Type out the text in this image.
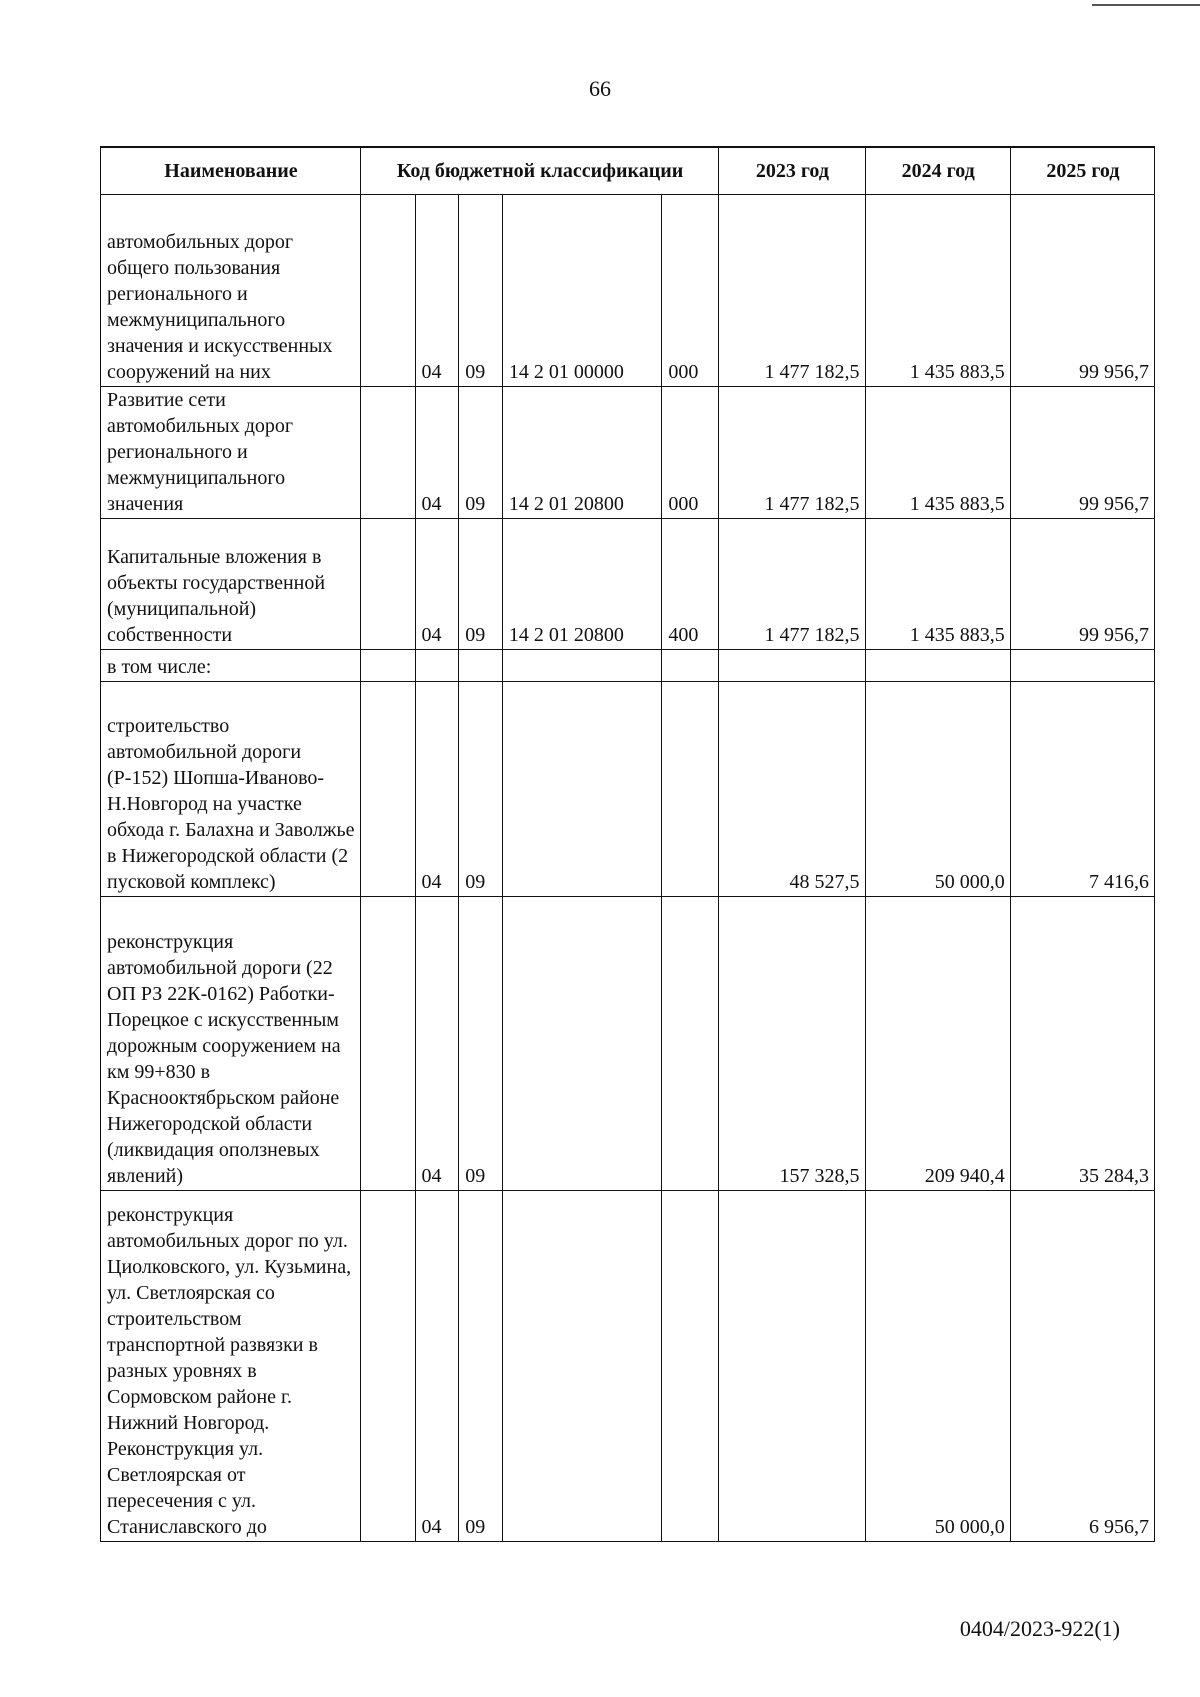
66
Наименование	Код бюджетной классификации					2023 год	2024 год	2025 год
автомобильных дорог общего пользования регионального и межмуниципального значения и искусственных сооружений на них		04	09	14 2 01 00000	000	1 477 182,5	1 435 883,5	99 956,7
Развитие сети автомобильных дорог регионального и межмуниципального значения		04	09	14 2 01 20800	000	1 477 182,5	1 435 883,5	99 956,7
Капитальные вложения в объекты государственной (муниципальной) собственности		04	09	14 2 01 20800	400	1 477 182,5	1 435 883,5	99 956,7
в том числе:								
строительство автомобильной дороги (Р-152) Шопша-Иваново-Н.Новгород на участке обхода г. Балахна и Заволжье в Нижегородской области (2 пусковой комплекс)		04	09			48 527,5	50 000,0	7 416,6
реконструкция автомобильной дороги (22 ОП РЗ 22К-0162) Работки-Порецкое с искусственным дорожным сооружением на км 99+830 в Краснооктябрьском районе Нижегородской области (ликвидация оползневых явлений)		04	09			157 328,5	209 940,4	35 284,3
реконструкция автомобильных дорог по ул. Циолковского, ул. Кузьмина, ул. Светлоярская со строительством транспортной развязки в разных уровнях в Сормовском районе г. Нижний Новгород. Реконструкция ул. Светлоярская от пересечения с ул. Станиславского до		04	09				50 000,0	6 956,7
0404/2023-922(1)
